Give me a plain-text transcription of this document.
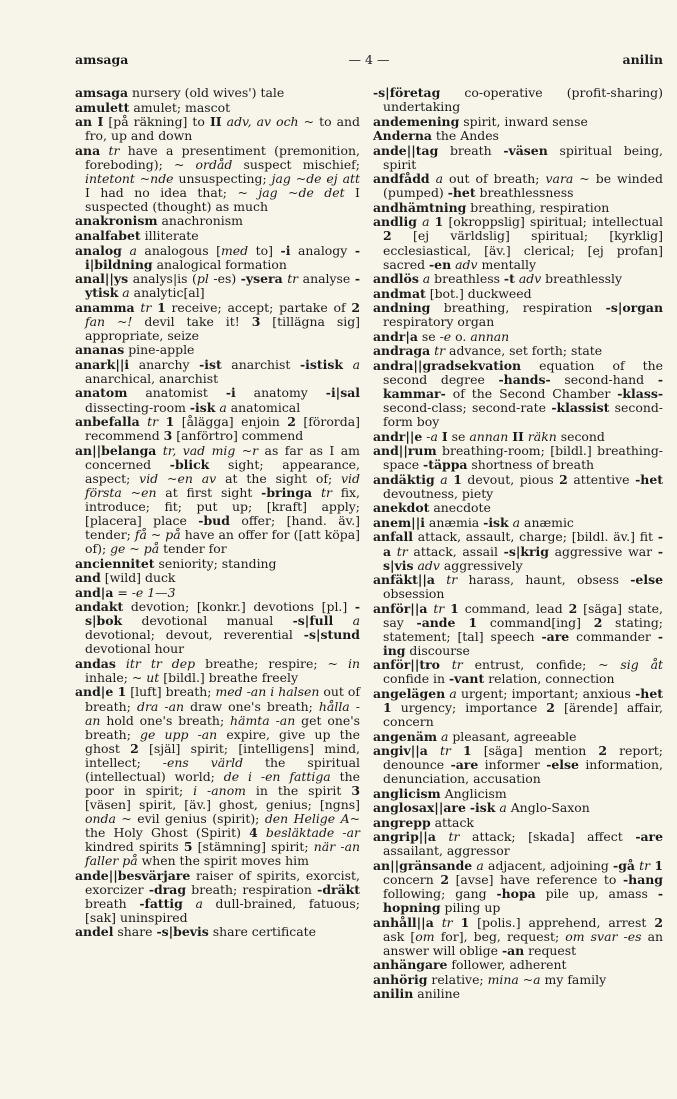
amsaga	— 4 —	anilin
amsaga nursery (old wives') tale
amulett amulet; mascot
an I [på räkning] to II adv, av och ~ to and fro, up and down
ana tr have a presentiment (premonition, foreboding); ~ ordåd suspect mischief; intetont ~nde unsuspecting; jag ~de ej att I had no idea that; ~ jag ~de det I suspected (thought) as much
anakronism anachronism
analfabet illiterate
analog a analogous [med to] -i analogy -i|bildning analogical formation
anal||ys analys|is (pl -es) -ysera tr analyse -ytisk a analytic[al]
anamma tr 1 receive; accept; partake of 2 fan ~! devil take it! 3 [tillägna sig] appropriate, seize
ananas pine-apple
anark||i anarchy -ist anarchist -istisk a anarchical, anarchist
anatom anatomist -i anatomy -i|sal dissecting-room -isk a anatomical
anbefalla tr 1 [ålägga] enjoin 2 [förorda] recommend 3 [anförtro] commend
an||belanga tr, vad mig ~r as far as I am concerned -blick sight; appearance, aspect; vid ~en av at the sight of; vid första ~en at first sight -bringa tr fix, introduce; fit; put up; [kraft] apply; [placera] place -bud offer; [hand. äv.] tender; få ~ på have an offer for ([att köpa] of); ge ~ på tender for
anciennitet seniority; standing
and [wild] duck
and|a = -e 1—3
andakt devotion; [konkr.] devotions [pl.] -s|bok devotional manual -s|full a devotional; devout, reverential -s|stund devotional hour
andas itr tr dep breathe; respire; ~ in inhale; ~ ut [bildl.] breathe freely
and|e 1 [luft] breath; med -an i halsen out of breath; dra -an draw one's breath; hålla -an hold one's breath; hämta -an get one's breath; ge upp -an expire, give up the ghost 2 [själ] spirit; [intelligens] mind, intellect; -ens värld the spiritual (intellectual) world; de i -en fattiga the poor in spirit; i -anom in the spirit 3 [väsen] spirit, [äv.] ghost, genius; [ngns] onda ~ evil genius (spirit); den Helige A~ the Holy Ghost (Spirit) 4 besläktade -ar kindred spirits 5 [stämning] spirit; när -an faller på when the spirit moves him
ande||besvärjare raiser of spirits, exorcist, exorcizer -drag breath; respiration -dräkt breath -fattig a dull-brained, fatuous; [sak] uninspired
andel share -s|bevis share certificate
-s|företag co-operative (profit-sharing) undertaking
andemening spirit, inward sense
Anderna the Andes
ande||tag breath -väsen spiritual being, spirit
andfådd a out of breath; vara ~ be winded (pumped) -het breathlessness
andhämtning breathing, respiration
andlig a 1 [okroppslig] spiritual; intellectual 2 [ej världslig] spiritual; [kyrklig] ecclesiastical, [äv.] clerical; [ej profan] sacred -en adv mentally
andlös a breathless -t adv breathlessly
andmat [bot.] duckweed
andning breathing, respiration -s|organ respiratory organ
andr|a se -e o. annan
andraga tr advance, set forth; state
andra||gradsekvation equation of the second degree -hands- second-hand -kammar- of the Second Chamber -klass- second-class; second-rate -klassist second-form boy
andr||e -a I se annan II räkn second
and||rum breathing-room; [bildl.] breathing-space -täppa shortness of breath
andäktig a 1 devout, pious 2 attentive -het devoutness, piety
anekdot anecdote
anem||i anæmia -isk a anæmic
anfall attack, assault, charge; [bildl. äv.] fit -a tr attack, assail -s|krig aggressive war -s|vis adv aggressively
anfäkt||a tr harass, haunt, obsess -else obsession
anför||a tr 1 command, lead 2 [säga] state, say -ande 1 command[ing] 2 stating; statement; [tal] speech -are commander -ing discourse
anför||tro tr entrust, confide; ~ sig åt confide in -vant relation, connection
angelägen a urgent; important; anxious -het 1 urgency; importance 2 [ärende] affair, concern
angenäm a pleasant, agreeable
angiv||a tr 1 [säga] mention 2 report; denounce -are informer -else information, denunciation, accusation
anglicism Anglicism
anglosax||are -isk a Anglo-Saxon
angrepp attack
angrip||a tr attack; [skada] affect -are assailant, aggressor
an||gränsande a adjacent, adjoining -gå tr 1 concern 2 [avse] have reference to -hang following; gang -hopa pile up, amass -hopning piling up
anhåll||a tr 1 [polis.] apprehend, arrest 2 ask [om for], beg, request; om svar -es an answer will oblige -an request
anhängare follower, adherent
anhörig relative; mina ~a my family
anilin aniline
